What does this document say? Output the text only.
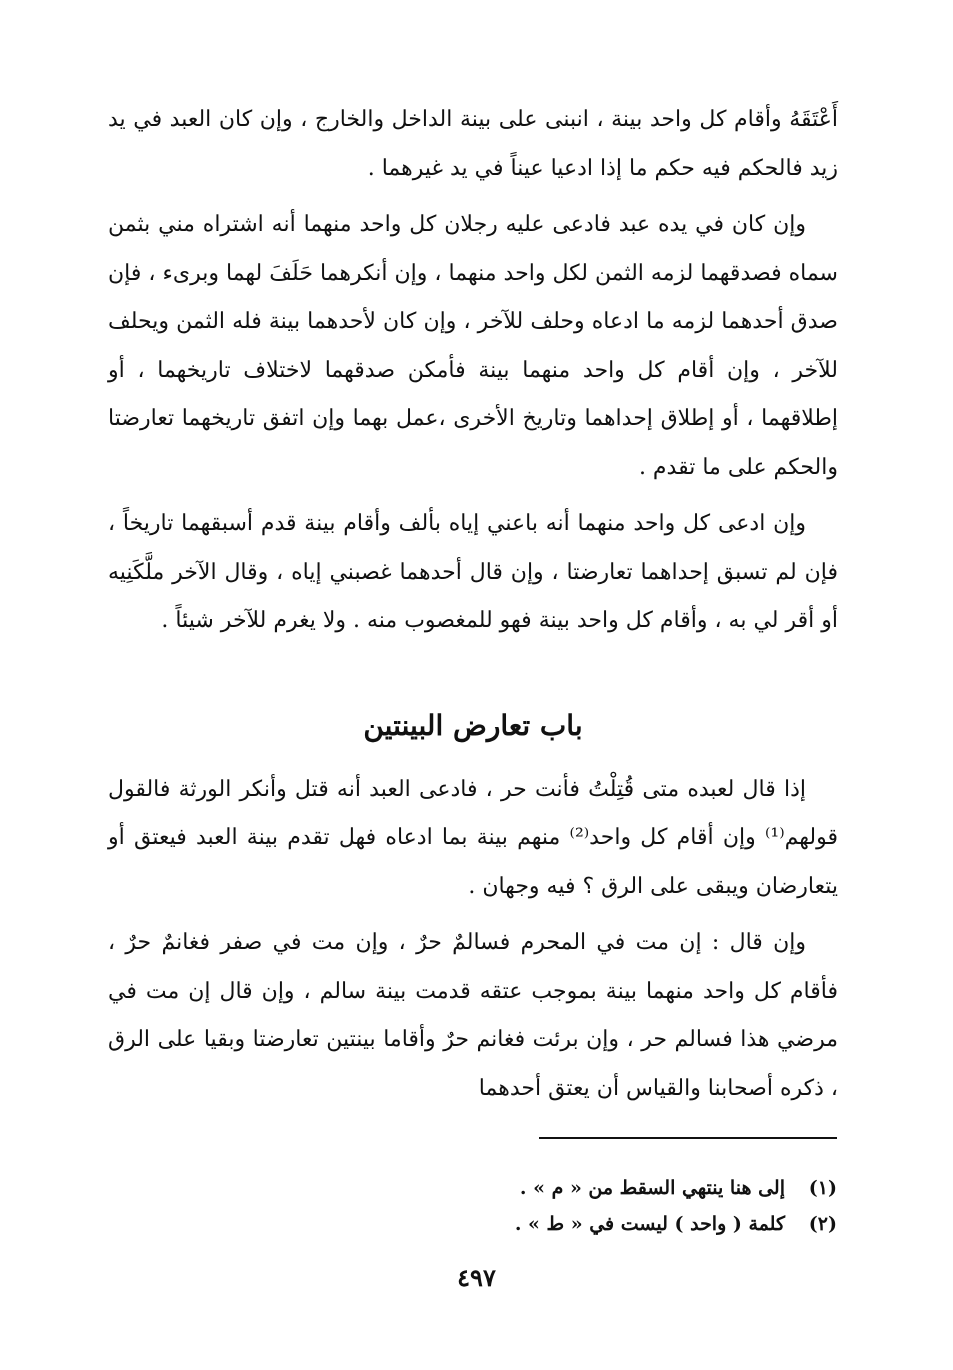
أَعْتَقَهُ وأقام كل واحد بينة ، انبنى على بينة الداخل والخارج ، وإن كان العبد في يد زيد فالحكم فيه حكم ما إذا ادعيا عيناً في يد غيرهما .

وإن كان في يده عبد فادعى عليه رجلان كل واحد منهما أنه اشتراه مني بثمن سماه فصدقهما لزمه الثمن لكل واحد منهما ، وإن أنكرهما حَلَفَ لهما وبرىء ، فإن صدق أحدهما لزمه ما ادعاه وحلف للآخر ، وإن كان لأحدهما بينة فله الثمن ويحلف للآخر ، وإن أقام كل واحد منهما بينة فأمكن صدقهما لاختلاف تاريخهما ، أو إطلاقهما ، أو إطلاق إحداهما وتاريخ الأخرى ،عمل بهما وإن اتفق تاريخهما تعارضتا والحكم على ما تقدم .

وإن ادعى كل واحد منهما أنه باعني إياه بألف وأقام بينة قدم أسبقهما تاريخاً ، فإن لم تسبق إحداهما تعارضتا ، وإن قال أحدهما غصبني إياه ، وقال الآخر ملَّكَنِيه أو أقر لي به ، وأقام كل واحد بينة فهو للمغصوب منه . ولا يغرم للآخر شيئاً .

باب تعارض البينتين

إذا قال لعبده متى قُتِلْتُ فأنت حر ، فادعى العبد أنه قتل وأنكر الورثة فالقول قولهم⁽¹⁾ وإن أقام كل واحد⁽²⁾ منهم بينة بما ادعاه فهل تقدم بينة العبد فيعتق أو يتعارضان ويبقى على الرق ؟ فيه وجهان .

وإن قال : إن مت في المحرم فسالمٌ حرٌ ، وإن مت في صفر فغانمٌ حرٌ ، فأقام كل واحد منهما بينة بموجب عتقه قدمت بينة سالم ، وإن قال إن مت في مرضي هذا فسالم حر ، وإن برئت فغانم حرٌ وأقاما بينتين تعارضتا وبقيا على الرق ، ذكره أصحابنا والقياس أن يعتق أحدهما

(١)
إلى هنا ينتهي السقط من « م » .
(٢)
كلمة ( واحد ) ليست في « ط » .
٤٩٧
